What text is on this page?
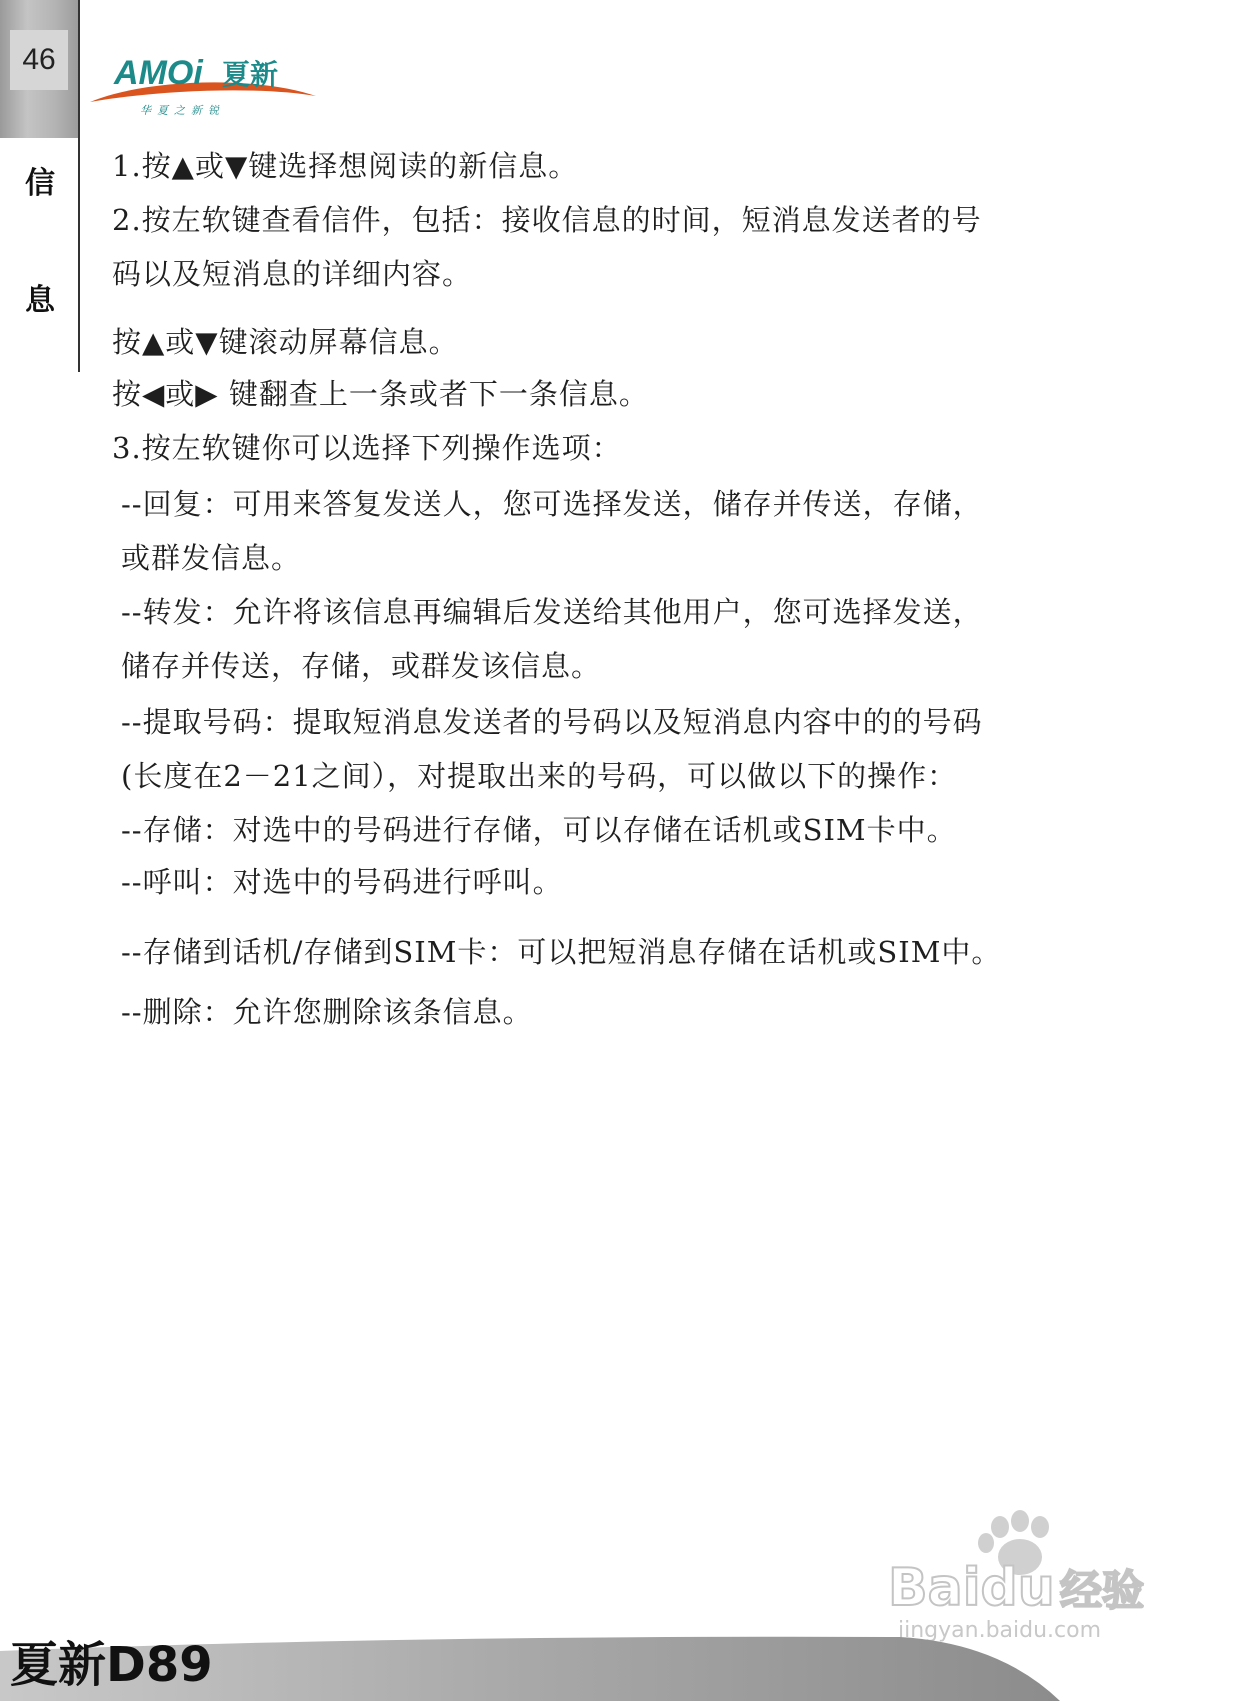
46
信
息
AMOi 夏新
华夏之新锐
1.按▲或▼键选择想阅读的新信息。
2.按左软键查看信件，包括：接收信息的时间，短消息发送者的号
码以及短消息的详细内容。
按▲或▼键滚动屏幕信息。
按◀或▶ 键翻查上一条或者下一条信息。
3.按左软键你可以选择下列操作选项：
--回复：可用来答复发送人，您可选择发送，储存并传送，存储，
或群发信息。
--转发：允许将该信息再编辑后发送给其他用户，您可选择发送，
储存并传送，存储，或群发该信息。
--提取号码：提取短消息发送者的号码以及短消息内容中的的号码
(长度在2－21之间），对提取出来的号码，可以做以下的操作：
--存储：对选中的号码进行存储，可以存储在话机或SIM卡中。
--呼叫：对选中的号码进行呼叫。
--存储到话机/存储到SIM卡：可以把短消息存储在话机或SIM中。
--删除：允许您删除该条信息。
Baidu 经验
jingyan.baidu.com
夏新D89
